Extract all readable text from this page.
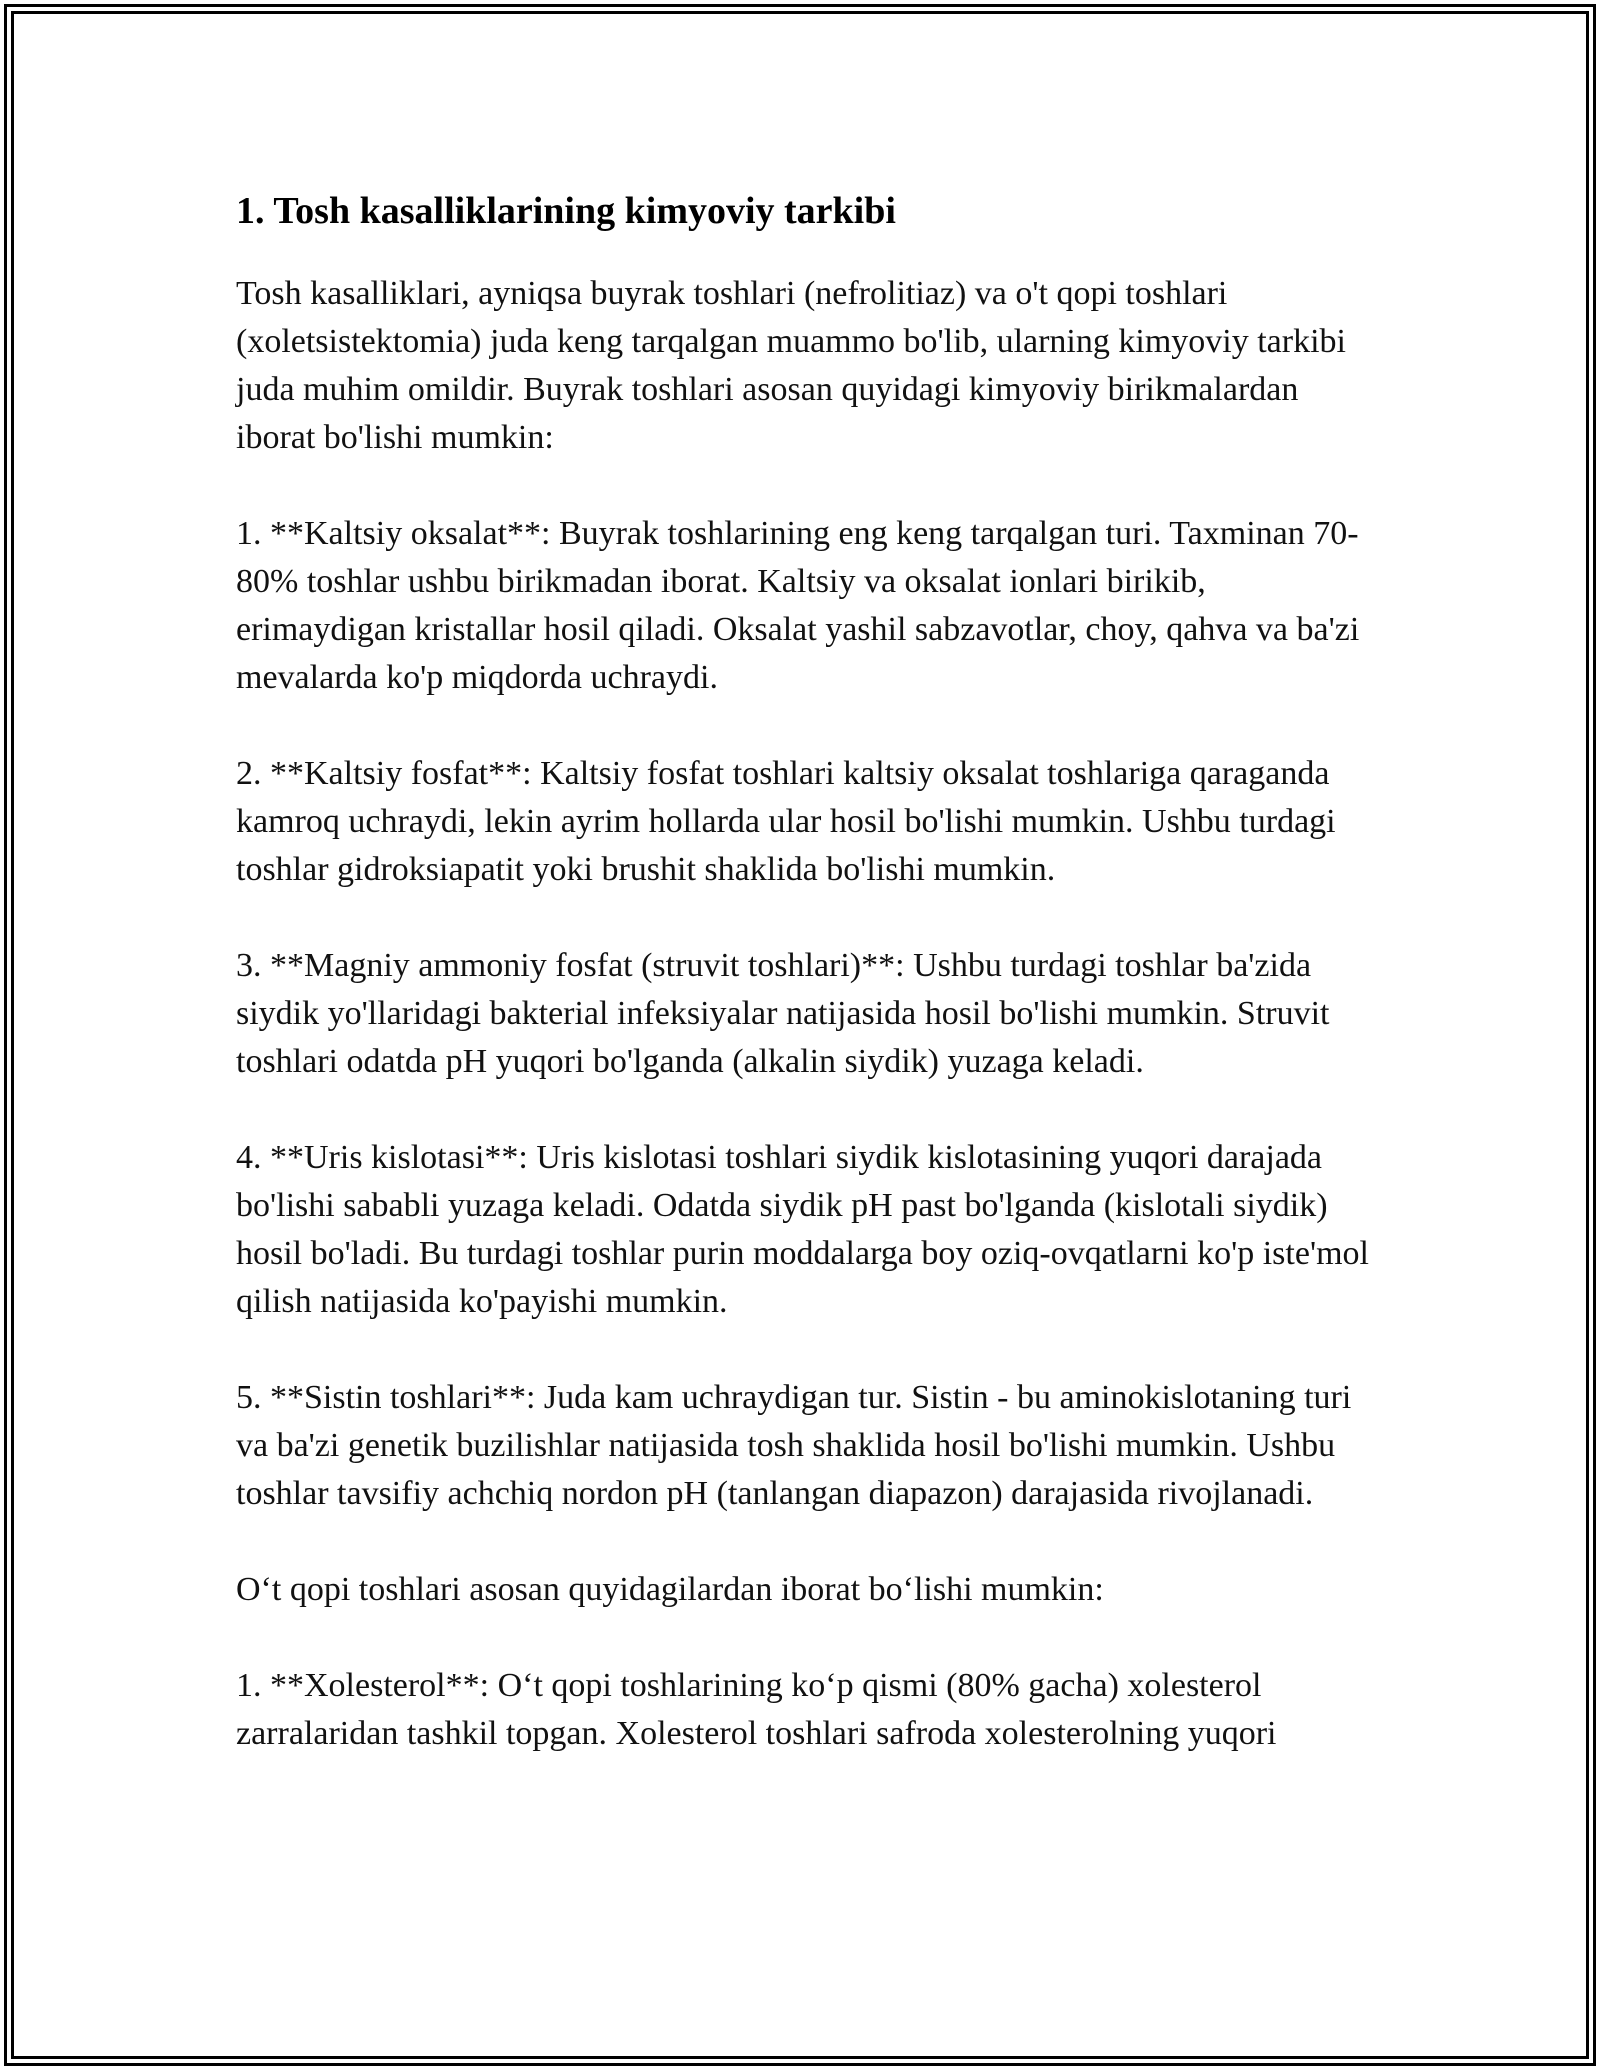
1. Tosh kasalliklarining kimyoviy tarkibi

Tosh kasalliklari, ayniqsa buyrak toshlari (nefrolitiaz) va o't qopi toshlari (xoletsistektomia) juda keng tarqalgan muammo bo'lib, ularning kimyoviy tarkibi juda muhim omildir. Buyrak toshlari asosan quyidagi kimyoviy birikmalardan iborat bo'lishi mumkin:

1. **Kaltsiy oksalat**: Buyrak toshlarining eng keng tarqalgan turi. Taxminan 70-80% toshlar ushbu birikmadan iborat. Kaltsiy va oksalat ionlari birikib, erimaydigan kristallar hosil qiladi. Oksalat yashil sabzavotlar, choy, qahva va ba'zi mevalarda ko'p miqdorda uchraydi.

2. **Kaltsiy fosfat**: Kaltsiy fosfat toshlari kaltsiy oksalat toshlariga qaraganda kamroq uchraydi, lekin ayrim hollarda ular hosil bo'lishi mumkin. Ushbu turdagi toshlar gidroksiapatit yoki brushit shaklida bo'lishi mumkin.

3. **Magniy ammoniy fosfat (struvit toshlari)**: Ushbu turdagi toshlar ba'zida siydik yo'llaridagi bakterial infeksiyalar natijasida hosil bo'lishi mumkin. Struvit toshlari odatda pH yuqori bo'lganda (alkalin siydik) yuzaga keladi.

4. **Uris kislotasi**: Uris kislotasi toshlari siydik kislotasining yuqori darajada bo'lishi sababli yuzaga keladi. Odatda siydik pH past bo'lganda (kislotali siydik) hosil bo'ladi. Bu turdagi toshlar purin moddalarga boy oziq-ovqatlarni ko'p iste'mol qilish natijasida ko'payishi mumkin.

5. **Sistin toshlari**: Juda kam uchraydigan tur. Sistin - bu aminokislotaning turi va ba'zi genetik buzilishlar natijasida tosh shaklida hosil bo'lishi mumkin. Ushbu toshlar tavsifiy achchiq nordon pH (tanlangan diapazon) darajasida rivojlanadi.

O‘t qopi toshlari asosan quyidagilardan iborat bo‘lishi mumkin:

1. **Xolesterol**: O‘t qopi toshlarining ko‘p qismi (80% gacha) xolesterol zarralaridan tashkil topgan. Xolesterol toshlari safroda xolesterolning yuqori
